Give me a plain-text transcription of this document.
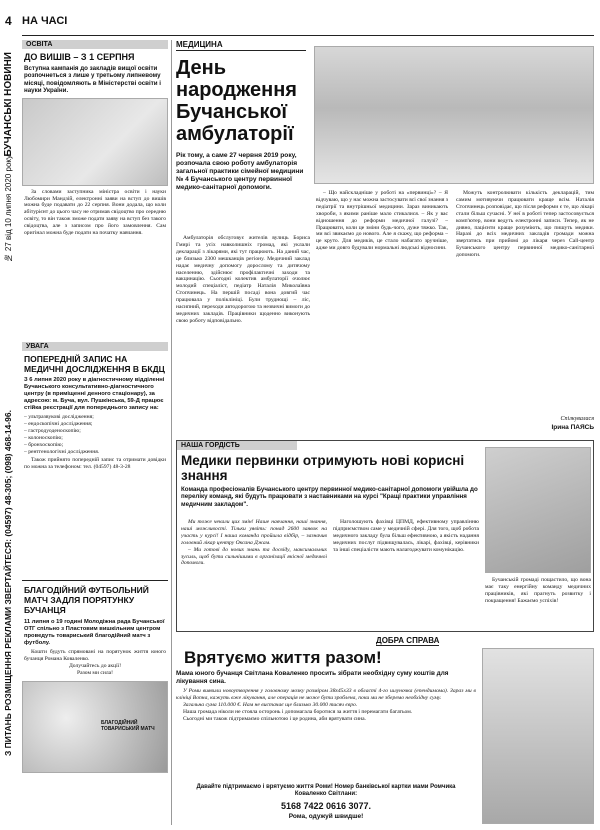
4 НА ЧАСІ
БУЧАНСЬКІ НОВИНИ
№ 27 від 10 липня 2020 року
З ПИТАНЬ РОЗМІЩЕННЯ РЕКЛАМИ ЗВЕРТАЙТЕСЯ: (04597) 48-305; (098) 468-14-96.
ОСВІТА
ДО ВИШІВ – З 1 СЕРПНЯ
Вступна кампанія до закладів вищої освіти розпочнеться з лише у третьому липневому місяці, повідомляють в Міністерстві освіти і науки України.

За словами заступника міністра освіти і науки Любомири Мандзій, електронні заяви на вступ до вишів можна буде подавати до 22 серпня. Вони додала, що коли абітурієнт до цього часу не отримав свідоцтво про середню освіту, то він також зможе подати заяву на вступ без такого свідоцтва, але з записом про його замовлення. Сам оригінал можна буде подати на початку навчання.

УВАГА
ПОПЕРЕДНІЙ ЗАПИС НА МЕДИЧНІ ДОСЛІДЖЕННЯ В БКДЦ
З 6 липня 2020 року в діагностичному відділенні Бучанського консультативно-діагностичного центру (в приміщенні денного стаціонару), за адресою: м. Буча, вул. Пушкінська, 59-Д працює стійка реєстрації для попереднього запису на:
– ультразвукові дослідження;
– ендоскопічні дослідження;
– гастродуоденоскопію;
– колоноскопію;
– бронхоскопію;
– рентгенологічні дослідження.

Також прийнято попередній запис та отримати довідки по можна за телефоном: тел. (04597) 48-3-28

БЛАГОДІЙНИЙ ФУТБОЛЬНИЙ МАТЧ ЗАДЛЯ ПОРЯТУНКУ БУЧАНЦЯ
11 липня о 19 годині Молодіжна рада Бучанської ОТГ спільно з Пластовим вишкільним центром проведуть товариський благодійний матч з футболу.

Кошти будуть спрямовані на порятунок життя юного бучанця Романа Коваленко.

Долучайтесь до акції!
Разом ми сила!
БЛАГОДІЙНИЙ ТОВАРИСЬКИЙ МАТЧ
МЕДИЦИНА
День народження Бучанської амбулаторії
Рік тому, а саме 27 червня 2019 року, розпочала свою роботу амбулаторія загальної практики сімейної медицини № 4 Бучанського центру первинної медико-санітарної допомоги.

Амбулаторія обслуговує жителів вулиць Борисa Гмирі та усіх навколишніх громад, які уклали декларації з лікарями, які тут працюють. На даний час, це близько 2300 мешканців регіону. Медичний заклад надає медичну допомогу дорослому та дитячому населенню, здійснює профілактичні заходи та вакцинацію. Сьогодні колектив амбулаторії очолює молодий спеціаліст, педіатр Наталія Миколаївна Стопчинець. На першій посаді вона довгий час працювала у поліклініці. Були труднощі – ліс, насипний, переходи автодорогою та незвичні вимоги до медичних закладів. Працівники щоденно виконують свою роботу відповідально.

– Що найскладніше у роботі на «первинці»? – Я відчуваю, що у нас можна застосувати всі свої знання з педіатрії та внутрішньої медицини. Зараз виникають хвороби, з якими раніше мало стикалися. – Як у вас відношення до реформи медичної галузі? – Працювати, коли це зміни будь-чого, дуже тяжко. Так, ми всі звикаємо до нового. Але я скажу, що реформа – це круто. Для медиків, це стало набагато зручніше, адже ми довго будували нормальні людські відносини.

Можуть контролювати кількість декларацій, тим самим мотивуючи працювати краще всім. Наталія Стопчинець розповідає, що після реформи є те, що лікарі стали більш сучасні. У неї в роботі тепер застосовується комп'ютер, вони ведуть електронні записи. Тепер, як не дивно, пацієнти краще розуміють, що пишуть медики. Наразі до всіх медичних закладів громади можна звертатись при прийомі до лікаря через Call-центр Бучанського центру первинної медико-санітарної допомоги.

Спілкувалася
Ірина ПАЯСЬ
НАША ГОРДІСТЬ
Медики первинки отримують нові корисні знання
Команда професіоналів Бучанського центру первинної медико-санітарної допомоги увійшла до переліку команд, які будуть працювати з наставниками на курсі "Кращі практики управління медичним закладом".

Ми тоже чекали цих змін! Наше навчання, наші знання, наші можливості. Тільки уявіть: понад 2600 заявок на участь у курсі! І наша команда пройшла відбір, – зазначив головний лікар центру Оксана Джам.

– Ми готові до нових знань та досвіду, максимальних зусиль, щоб бути сильнішими в організації якісної медичної допомоги.

Наголошують фахівці ЦПМД, ефективному управлінню підприємством саме у медичній сфері. Для того, щоб робота медичного закладу була більш ефективною, а якість надання медичних послуг підвищувалась, лікарі, фахівці, керівники та інші спеціалісти мають налагоджувати комунікацію.

Бучанській громаді пощастило, що вона має таку енергійну команду медичних працівників, які прагнуть розвитку і покращення! Бажаємо успіхів!

ДОБРА СПРАВА
Врятуємо життя разом!
Мама юного бучанця Світлана Коваленко просить зібрати необхідну суму коштів для лікування сина.

У Роми виявили новоутворення у головному мозку розміром 38x45x33 в області 4-го шлуночка (епендимома). Зараз ми в клініці Вопна, кажуть вже лікування, але операція не може бути зроблена, поки ми не зберемо необхідну суму.

Загальна сума 110.000 €. Нам не вистачає ще близько 30.000 тисяч євро.

Наша громада ніколи не стояла осторонь і допомагала боротися за життя і перемагати багатьом.

Сьогодні ми також підтримаємо спільнотою і це родина, аби врятувати сина.

Давайте підтримаємо і врятуємо життя Роми! Номер банківської картки мами Ромчика Коваленко Світлани:
5168 7422 0616 3077.
Рома, одужуй швидше!
